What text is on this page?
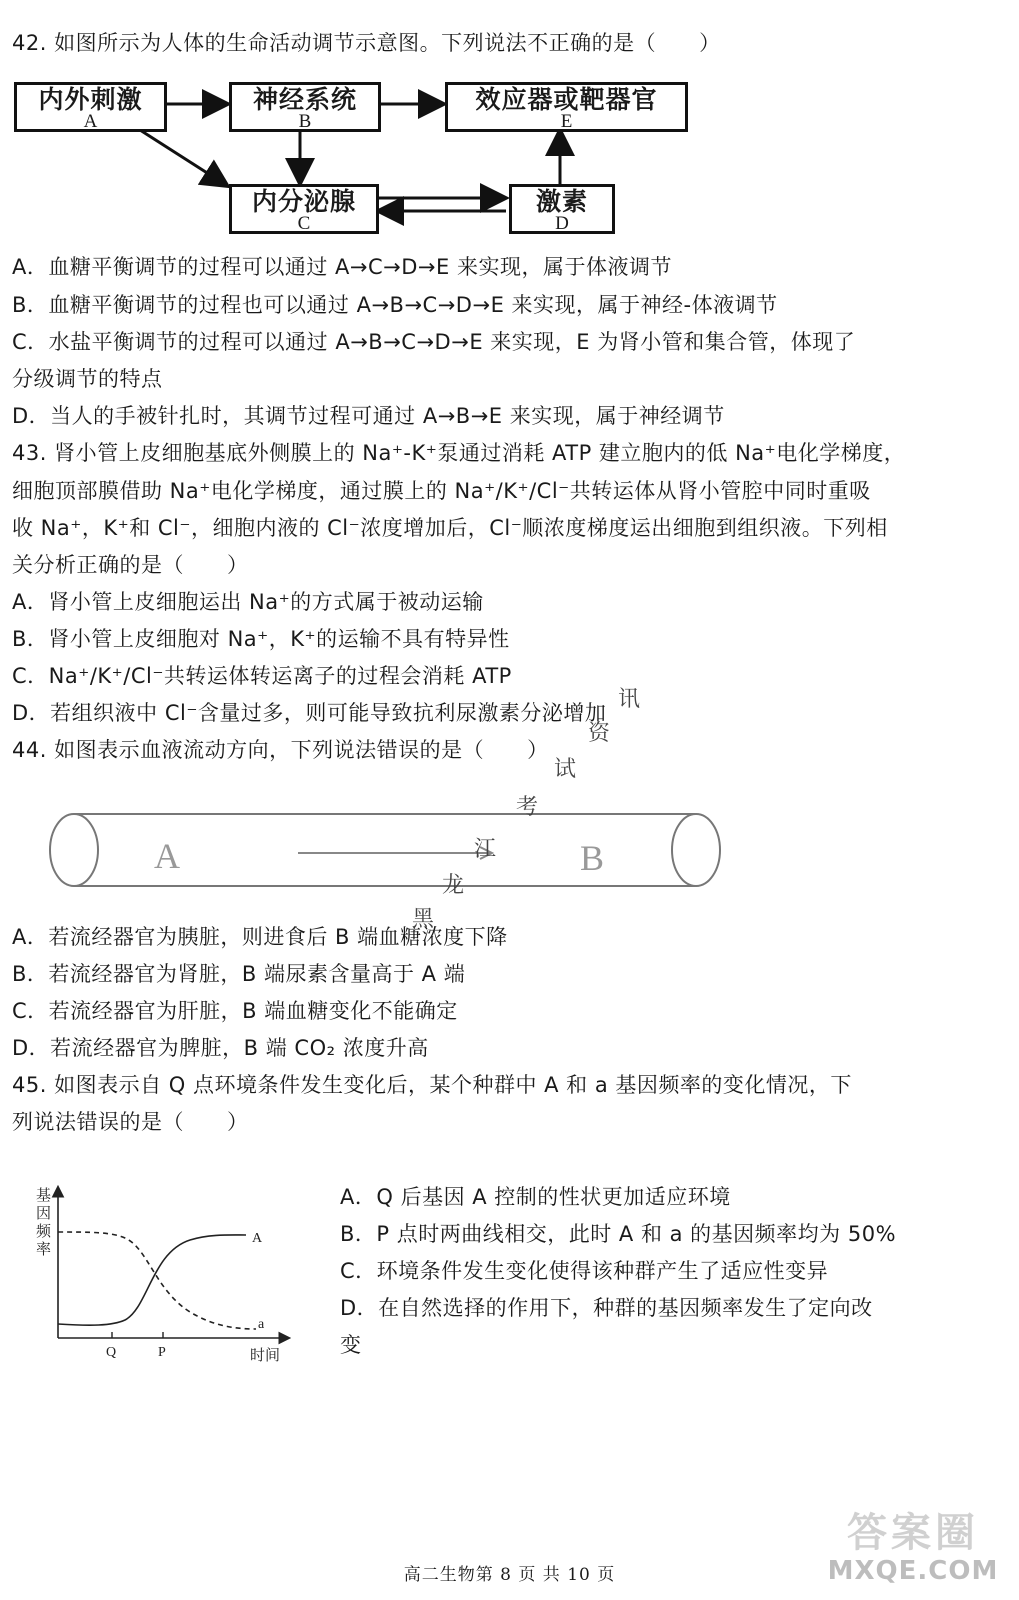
42. 如图所示为人体的生命活动调节示意图。下列说法不正确的是（　　）
内外刺激
A
神经系统
B
效应器或靶器官
E
内分泌腺
C
激素
D
A．血糖平衡调节的过程可以通过 A→C→D→E 来实现，属于体液调节
B．血糖平衡调节的过程也可以通过 A→B→C→D→E 来实现，属于神经-体液调节
C．水盐平衡调节的过程可以通过 A→B→C→D→E 来实现，E 为肾小管和集合管，体现了
分级调节的特点
D．当人的手被针扎时，其调节过程可通过 A→B→E 来实现，属于神经调节
43. 肾小管上皮细胞基底外侧膜上的 Na⁺-K⁺泵通过消耗 ATP 建立胞内的低 Na⁺电化学梯度，
细胞顶部膜借助 Na⁺电化学梯度，通过膜上的 Na⁺/K⁺/Cl⁻共转运体从肾小管腔中同时重吸
收 Na⁺，K⁺和 Cl⁻，细胞内液的 Cl⁻浓度增加后，Cl⁻顺浓度梯度运出细胞到组织液。下列相
关分析正确的是（　　）
A．肾小管上皮细胞运出 Na⁺的方式属于被动运输
B．肾小管上皮细胞对 Na⁺，K⁺的运输不具有特异性
C．Na⁺/K⁺/Cl⁻共转运体转运离子的过程会消耗 ATP
D．若组织液中 Cl⁻含量过多，则可能导致抗利尿激素分泌增加
44. 如图表示血液流动方向，下列说法错误的是（　　）
A	B
A．若流经器官为胰脏，则进食后 B 端血糖浓度下降
B．若流经器官为肾脏，B 端尿素含量高于 A 端
C．若流经器官为肝脏，B 端血糖变化不能确定
D．若流经器官为脾脏，B 端 CO₂ 浓度升高
45. 如图表示自 Q 点环境条件发生变化后，某个种群中 A 和 a 基因频率的变化情况，下
列说法错误的是（　　）
基
因
频
率
Q	P	时间
A
a
A．Q 后基因 A 控制的性状更加适应环境
B．P 点时两曲线相交，此时 A 和 a 的基因频率均为 50%
C．环境条件发生变化使得该种群产生了适应性变异
D．在自然选择的作用下，种群的基因频率发生了定向改
变
黑
龙
江
考
试
资
讯
高二生物第 8 页 共 10 页
答案圈
MXQE.COM
